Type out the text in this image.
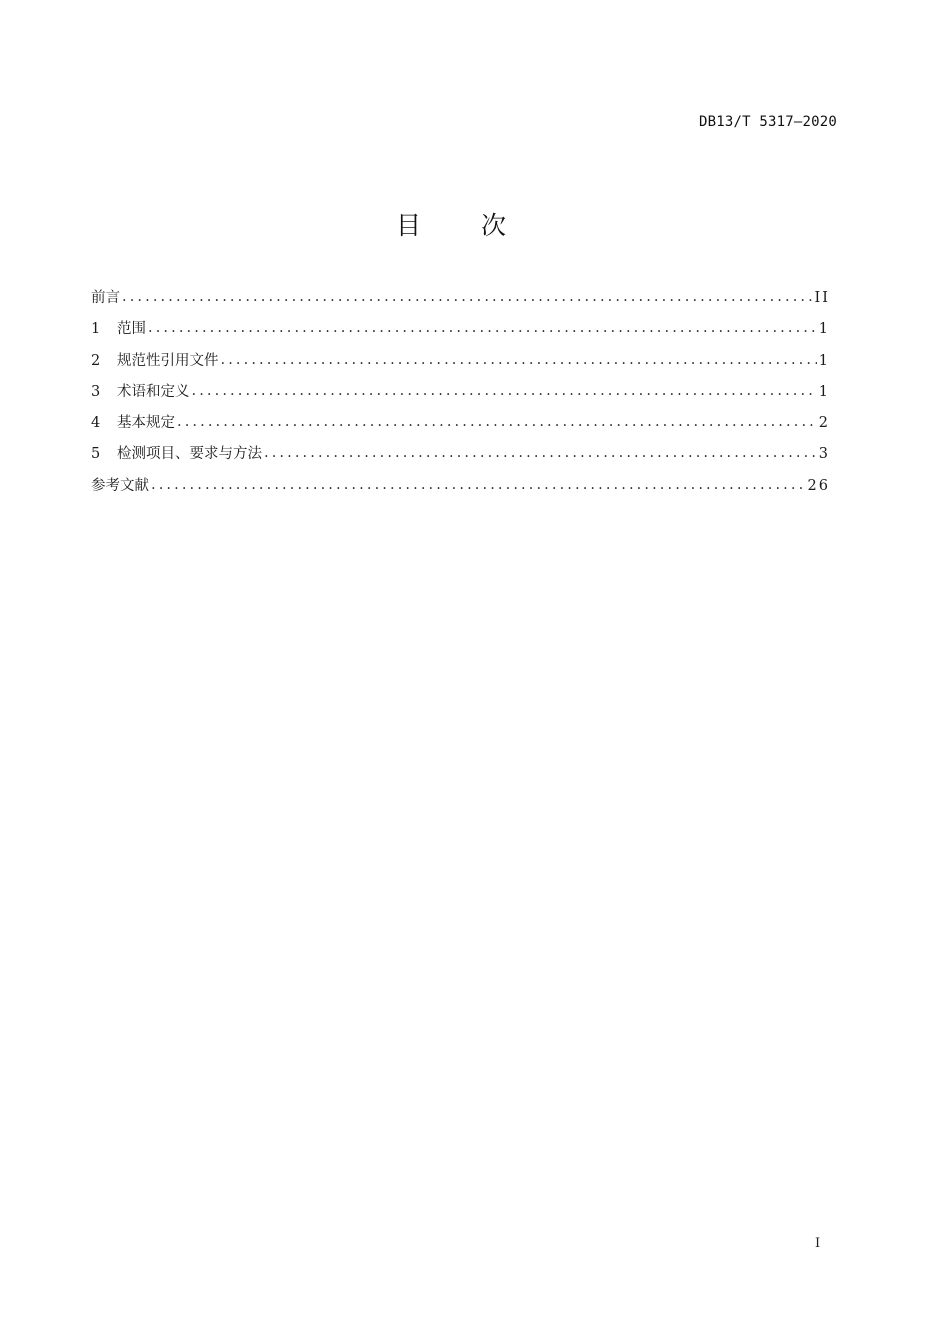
DB13/T 5317—2020
目 次
前言 .....	II
1	范围 .....	1
2	规范性引用文件 .....	1
3	术语和定义 .....	1
4	基本规定 .....	2
5	检测项目、要求与方法 .....	3
参考文献 .....	26
I
